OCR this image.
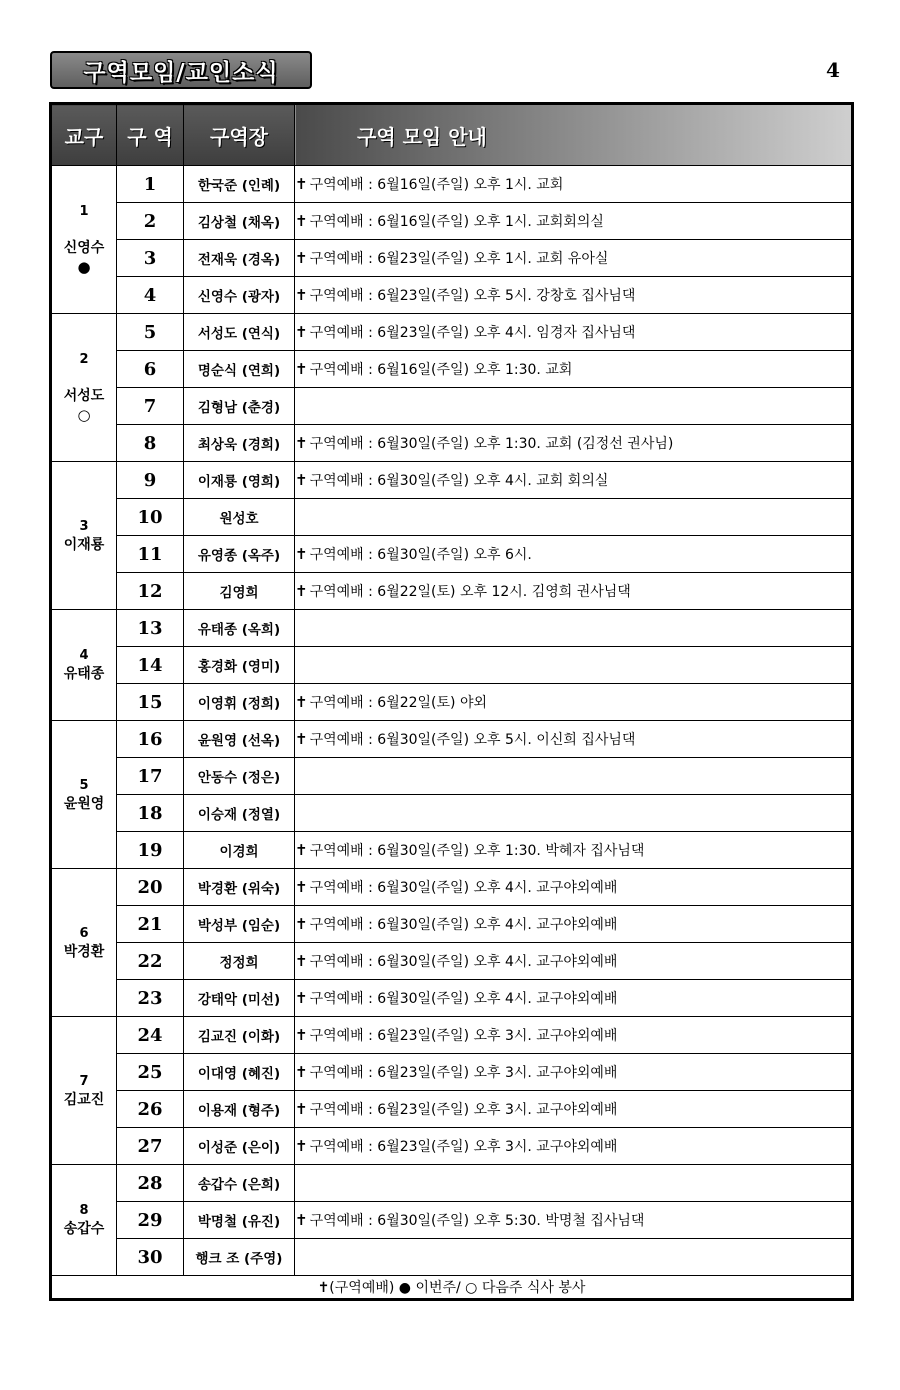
구역모임/교인소식	4
교구	구 역	구역장	구역 모임 안내

1
신영수
●	1	한국준 (인례)	✝ 구역예배 : 6월16일(주일) 오후 1시. 교회
	2	김상철 (채옥)	✝ 구역예배 : 6월16일(주일) 오후 1시. 교회회의실
	3	전재욱 (경옥)	✝ 구역예배 : 6월23일(주일) 오후 1시. 교회 유아실
	4	신영수 (광자)	✝ 구역예배 : 6월23일(주일) 오후 5시. 강창호 집사님댁

2
서성도
○	5	서성도 (연식)	✝ 구역예배 : 6월23일(주일) 오후 4시. 임경자 집사님댁
	6	명순식 (연희)	✝ 구역예배 : 6월16일(주일) 오후 1:30. 교회
	7	김형남 (춘경)	
	8	최상욱 (경희)	✝ 구역예배 : 6월30일(주일) 오후 1:30. 교회 (김정선 권사님)

3
이재룡	9	이재룡 (영희)	✝ 구역예배 : 6월30일(주일) 오후 4시. 교회 회의실
	10	원성호	
	11	유영종 (옥주)	✝ 구역예배 : 6월30일(주일) 오후 6시.
	12	김영희	✝ 구역예배 : 6월22일(토) 오후 12시. 김영희 권사님댁

4
유태종	13	유태종 (옥희)	
	14	홍경화 (영미)	
	15	이영휘 (정희)	✝ 구역예배 : 6월22일(토) 야외

5
윤원영	16	윤원영 (선옥)	✝ 구역예배 : 6월30일(주일) 오후 5시. 이신희 집사님댁
	17	안동수 (정은)	
	18	이승재 (정열)	
	19	이경희	✝ 구역예배 : 6월30일(주일) 오후 1:30. 박혜자 집사님댁

6
박경환	20	박경환 (위숙)	✝ 구역예배 : 6월30일(주일) 오후 4시. 교구야외예배
	21	박성부 (임순)	✝ 구역예배 : 6월30일(주일) 오후 4시. 교구야외예배
	22	정정희	✝ 구역예배 : 6월30일(주일) 오후 4시. 교구야외예배
	23	강태악 (미선)	✝ 구역예배 : 6월30일(주일) 오후 4시. 교구야외예배

7
김교진	24	김교진 (이화)	✝ 구역예배 : 6월23일(주일) 오후 3시. 교구야외예배
	25	이대영 (혜진)	✝ 구역예배 : 6월23일(주일) 오후 3시. 교구야외예배
	26	이용재 (형주)	✝ 구역예배 : 6월23일(주일) 오후 3시. 교구야외예배
	27	이성준 (은이)	✝ 구역예배 : 6월23일(주일) 오후 3시. 교구야외예배

8
송갑수	28	송갑수 (은희)	
	29	박명철 (유진)	✝ 구역예배 : 6월30일(주일) 오후 5:30. 박명철 집사님댁
	30	행크 조 (주영)	
✝(구역예배) ● 이번주/ ○ 다음주 식사 봉사			
